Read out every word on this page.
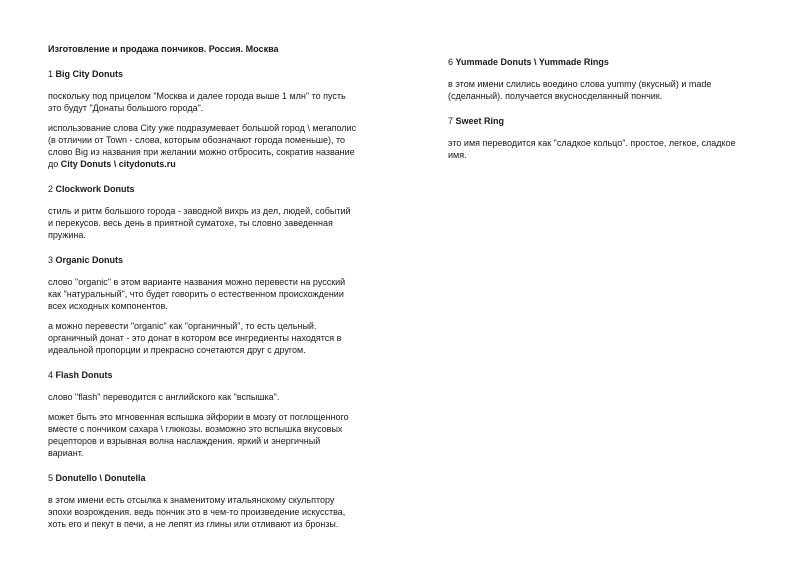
Изготовление и продажа пончиков. Россия. Москва
1 Big City Donuts

поскольку под прицелом "Москва и далее города выше 1 млн" то пусть это будут "Донаты большого города".

использование слова City уже подразумевает большой город \ мегаполис (в отличии от Town - слова, которым обозначают города поменьше), то слово Big из названия при желании можно отбросить, сократив название до City Donuts \ citydonuts.ru

2 Clockwork Donuts

стиль и ритм большого города - заводной вихрь из дел, людей, событий и перекусов. весь день в приятной суматохе, ты словно заведенная пружина.

3 Organic Donuts

слово "organic" в этом варианте названия можно перевести на русский как "натуральный", что будет говорить о естественном происхождении всех исходных компонентов.

а можно перевести "organic" как "органичный", то есть цельный. органичный донат - это донат в котором все ингредиенты находятся в идеальной пропорции и прекрасно сочетаются друг с другом.

4 Flash Donuts

слово "flash" переводится с английского как "вспышка".

может быть это мгновенная вспышка эйфории в мозгу от поглощенного вместе с пончиком сахара \ глюкозы. возможно это вспышка вкусовых рецепторов и взрывная волна наслаждения. яркий и энергичный вариант.

5 Donutello \ Donutella

в этом имени есть отсылка к знаменитому итальянскому скульптору эпохи возрождения. ведь пончик это в чем-то произведение искусства, хоть его и пекут в печи, а не лепят из глины или отливают из бронзы.

6 Yummade Donuts \ Yummade Rings

в этом имени слились воедино слова yummy (вкусный) и made (сделанный). получается вкусносделанный пончик.

7 Sweet Ring

это имя переводится как "сладкое кольцо". простое, легкое, сладкое имя.
